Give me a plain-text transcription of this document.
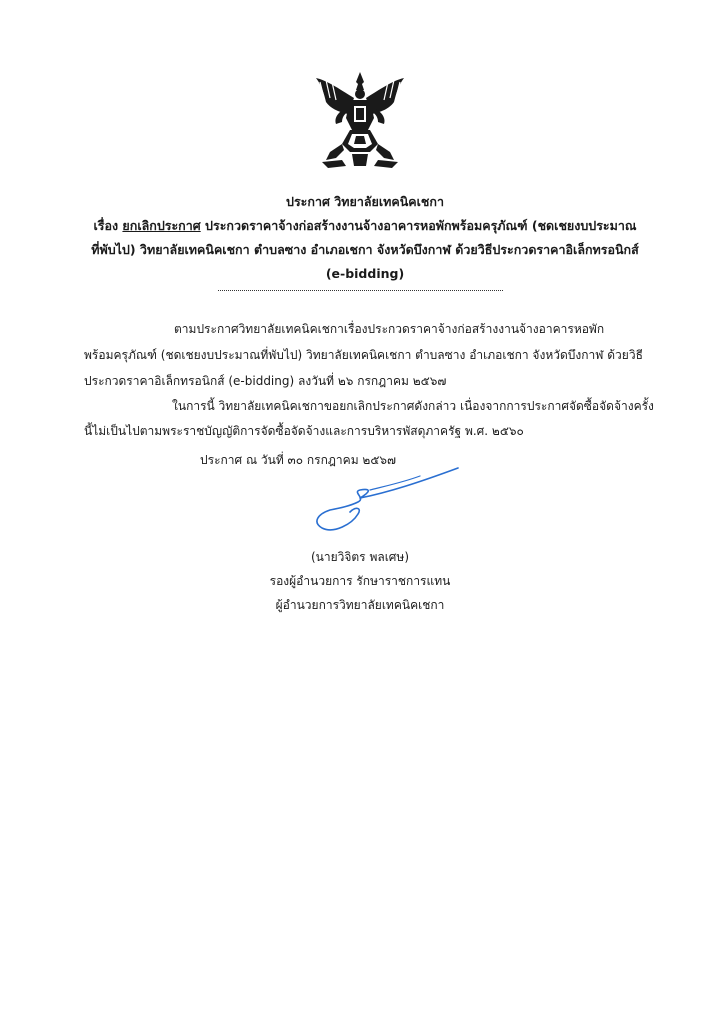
ประกาศ วิทยาลัยเทคนิคเชกา
เรื่อง ยกเลิกประกาศ ประกวดราคาจ้างก่อสร้างงานจ้างอาคารหอพักพร้อมครุภัณฑ์ (ชดเชยงบประมาณ
ที่พับไป) วิทยาลัยเทคนิคเชกา ตำบลซาง อำเภอเชกา จังหวัดบึงกาฬ ด้วยวิธีประกวดราคาอิเล็กทรอนิกส์
(e-bidding)
ตามประกาศวิทยาลัยเทคนิคเชกาเรื่องประกวดราคาจ้างก่อสร้างงานจ้างอาคารหอพัก
พร้อมครุภัณฑ์ (ชดเชยงบประมาณที่พับไป) วิทยาลัยเทคนิคเชกา ตำบลซาง อำเภอเชกา จังหวัดบึงกาฬ ด้วยวิธี
ประกวดราคาอิเล็กทรอนิกส์ (e-bidding) ลงวันที่ ๒๖ กรกฎาคม ๒๕๖๗
ในการนี้ วิทยาลัยเทคนิคเชกาขอยกเลิกประกาศดังกล่าว เนื่องจากการประกาศจัดซื้อจัดจ้างครั้ง
นี้ไม่เป็นไปตามพระราชบัญญัติการจัดซื้อจัดจ้างและการบริหารพัสดุภาครัฐ พ.ศ. ๒๕๖๐
ประกาศ ณ วันที่ ๓๐ กรกฎาคม ๒๕๖๗
(นายวิจิตร พลเศษ)
รองผู้อำนวยการ รักษาราชการแทน
ผู้อำนวยการวิทยาลัยเทคนิคเชกา
